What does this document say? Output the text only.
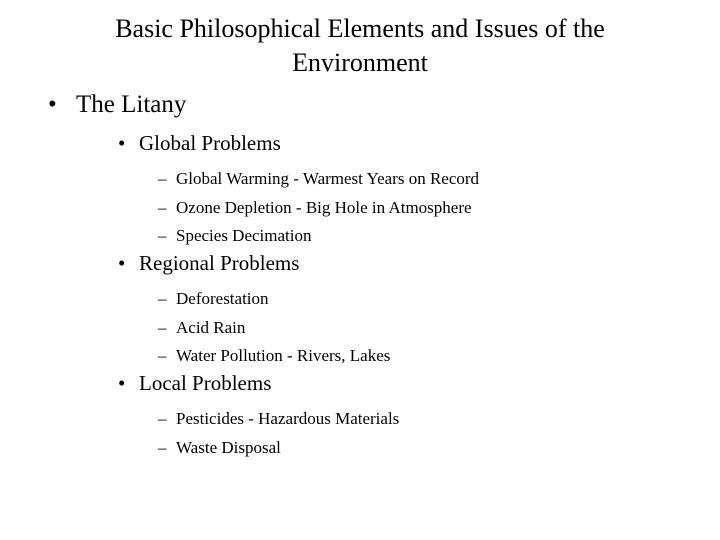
Basic Philosophical Elements and Issues of the
Environment
• The Litany
• Global Problems
– Global Warming - Warmest Years on Record
– Ozone Depletion - Big Hole in Atmosphere
– Species Decimation
• Regional Problems
– Deforestation
– Acid Rain
– Water Pollution - Rivers, Lakes
• Local Problems
– Pesticides - Hazardous Materials
– Waste Disposal
